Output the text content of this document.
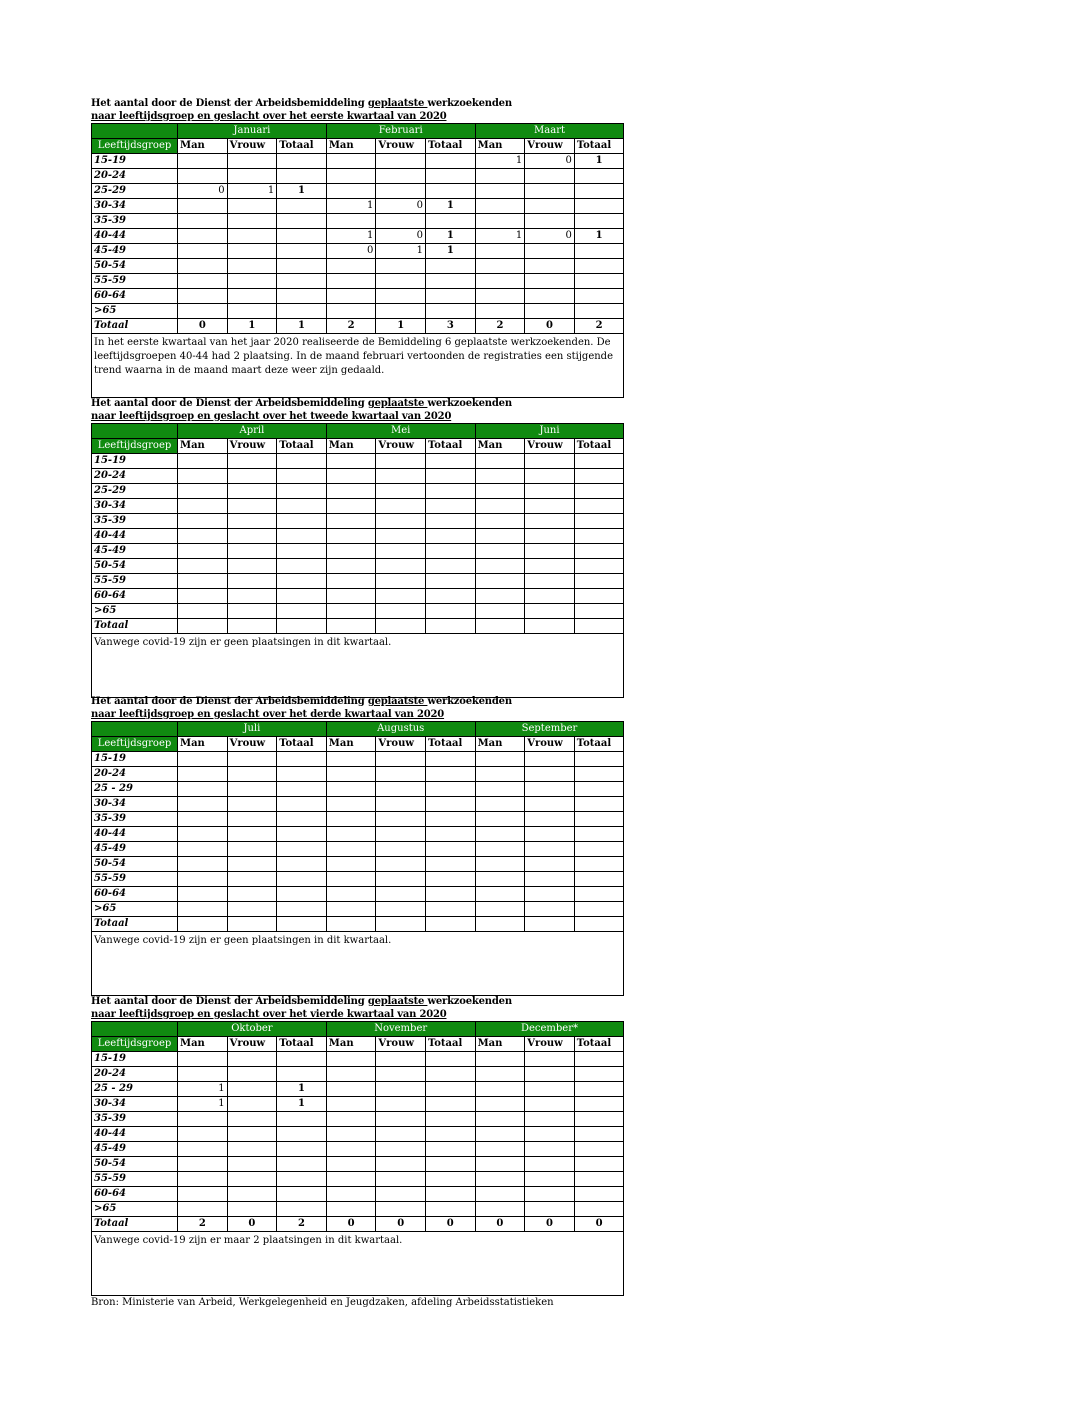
Het aantal door de Dienst der Arbeidsbemiddeling geplaatste werkzoekenden
naar leeftijdsgroep en geslacht over het eerste kwartaal van 2020
	Januari			Februari			Maart		
Leeftijdsgroep	Man	Vrouw	Totaal	Man	Vrouw	Totaal	Man	Vrouw	Totaal
15-19							1	0	1
20-24									
25-29	0	1	1						
30-34				1	0	1			
35-39									
40-44				1	0	1	1	0	1
45-49				0	1	1			
50-54									
55-59									
60-64									
>65									
Totaal	0	1	1	2	1	3	2	0	2
In het eerste kwartaal van het jaar 2020 realiseerde de Bemiddeling 6 geplaatste werkzoekenden. De leeftijdsgroepen 40-44 had 2 plaatsing. In de maand februari vertoonden de registraties een stijgende trend waarna in de maand maart deze weer zijn gedaald.
Het aantal door de Dienst der Arbeidsbemiddeling geplaatste werkzoekenden
naar leeftijdsgroep en geslacht over het tweede kwartaal van 2020
	April			Mei			Juni		
Leeftijdsgroep	Man	Vrouw	Totaal	Man	Vrouw	Totaal	Man	Vrouw	Totaal
15-19									
20-24									
25-29									
30-34									
35-39									
40-44									
45-49									
50-54									
55-59									
60-64									
>65									
Totaal									
Vanwege covid-19 zijn er geen plaatsingen in dit kwartaal.
Het aantal door de Dienst der Arbeidsbemiddeling geplaatste werkzoekenden
naar leeftijdsgroep en geslacht over het derde kwartaal van 2020
	Juli			Augustus			September		
Leeftijdsgroep	Man	Vrouw	Totaal	Man	Vrouw	Totaal	Man	Vrouw	Totaal
15-19									
20-24									
25 - 29									
30-34									
35-39									
40-44									
45-49									
50-54									
55-59									
60-64									
>65									
Totaal									
Vanwege covid-19 zijn er geen plaatsingen in dit kwartaal.
Het aantal door de Dienst der Arbeidsbemiddeling geplaatste werkzoekenden
naar leeftijdsgroep en geslacht over het vierde kwartaal van 2020
	Oktober			November			December*		
Leeftijdsgroep	Man	Vrouw	Totaal	Man	Vrouw	Totaal	Man	Vrouw	Totaal
15-19									
20-24									
25 - 29	1		1						
30-34	1		1						
35-39									
40-44									
45-49									
50-54									
55-59									
60-64									
>65									
Totaal	2	0	2	0	0	0	0	0	0
Vanwege covid-19 zijn er maar 2 plaatsingen in dit kwartaal.
Bron: Ministerie van Arbeid, Werkgelegenheid en Jeugdzaken, afdeling Arbeidsstatistieken
